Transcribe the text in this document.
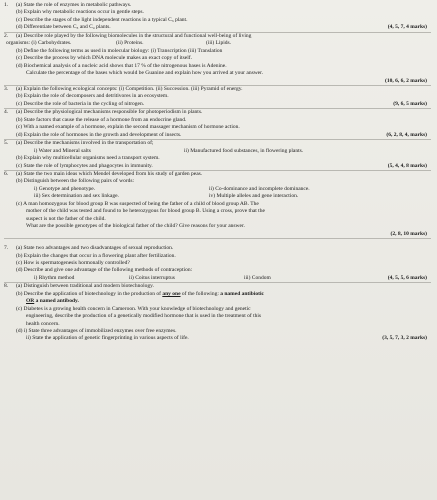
1.	(a) State the role of enzymes in metabolic pathways.
(b) Explain why metabolic reactions occur in gentle steps.
(c) Describe the stages of the light independent reactions in a typical C₃ plant.
(d) Differentiate between C₃ and C₄ plants.	(4, 5, 7, 4 marks)
2.	(a) Describe role played by the following biomolecules in the structural and functional well-being of living
organisms: (i) Carbohydrates.	(ii) Proteins.	(iii) Lipids.
(b) Define the following terms as used in molecular biology: (i) Transcription (iii) Translation
(c) Describe the process by which DNA molecule makes an exact copy of itself.
(d) Biochemical analysis of a nucleic acid shows that 17 % of the nitrogenous bases is Adenine.
Calculate the percentage of the bases which would be Guanine and explain how you arrived at your answer.

(10, 6, 6, 2 marks)
3.	(a) Explain the following ecological concepts: (i) Competition. (ii) Succession. (iii) Pyramid of energy.
(b) Explain the role of decomposers and detritivores in an ecosystem.
(c) Describe the role of bacteria in the cycling of nitrogen.	(9, 6, 5 marks)
4.	(a) Describe the physiological mechanisms responsible for photoperiodism in plants.
(b) State factors that cause the release of a hormone from an endocrine gland.
(c) With a named example of a hormone, explain the second massager mechanism of hormone action.
(d) Explain the role of hormones in the growth and development of insects.	(6, 2, 8, 4, marks)
5.	(a) Describe the mechanisms involved in the transportation of;
i) Water and Mineral salts	ii) Manufactured food substances, in flowering plants.
(b) Explain why multicellular organisms need a transport system.
(c) State the role of lymphocytes and phagocytes in immunity.	(5, 4, 4, 8 marks)
6.	(a) State the two main ideas which Mendel developed from his study of garden peas.
(b) Distinguish between the following pairs of words:
i) Genotype and phenotype.	ii) Co-dominance and incomplete dominance.
iii) Sex determination and sex linkage.	iv) Multiple alleles and gene interaction.
(c) A man homozygous for blood group B was suspected of being the father of a child of blood group AB. The
mother of the child was tested and found to be heterozygous for blood group B. Using a cross, prove that the
suspect is not the father of the child.
What are the possible genotypes of the biological father of the child? Give reasons for your answer.

(2, 8, 10 marks)
7.	(a) State two advantages and two disadvantages of sexual reproduction.
(b) Explain the changes that occur in a flowering plant after fertilization.
(c) How is spermatogenesis hormonally controlled?
(d) Describe and give one advantage of the following methods of contraception:
i) Rhythm method	ii) Coitus interruptus	iii) Condom	(4, 5, 5, 6 marks)
8.	(a) Distinguish between traditional and modern biotechnology.
(b) Describe the application of biotechnology in the production of any one of the following: a named antibiotic
OR a named antibody.
(c) Diabetes is a growing health concern in Cameroon. With your knowledge of biotechnology and genetic
engineering, describe the production of a genetically modified hormone that is used in the treatment of this
health concern.
(d) i) State three advantages of immobilized enzymes over free enzymes.
ii) State the application of genetic fingerprinting in various aspects of life.	(3, 5, 7, 3, 2 marks)
